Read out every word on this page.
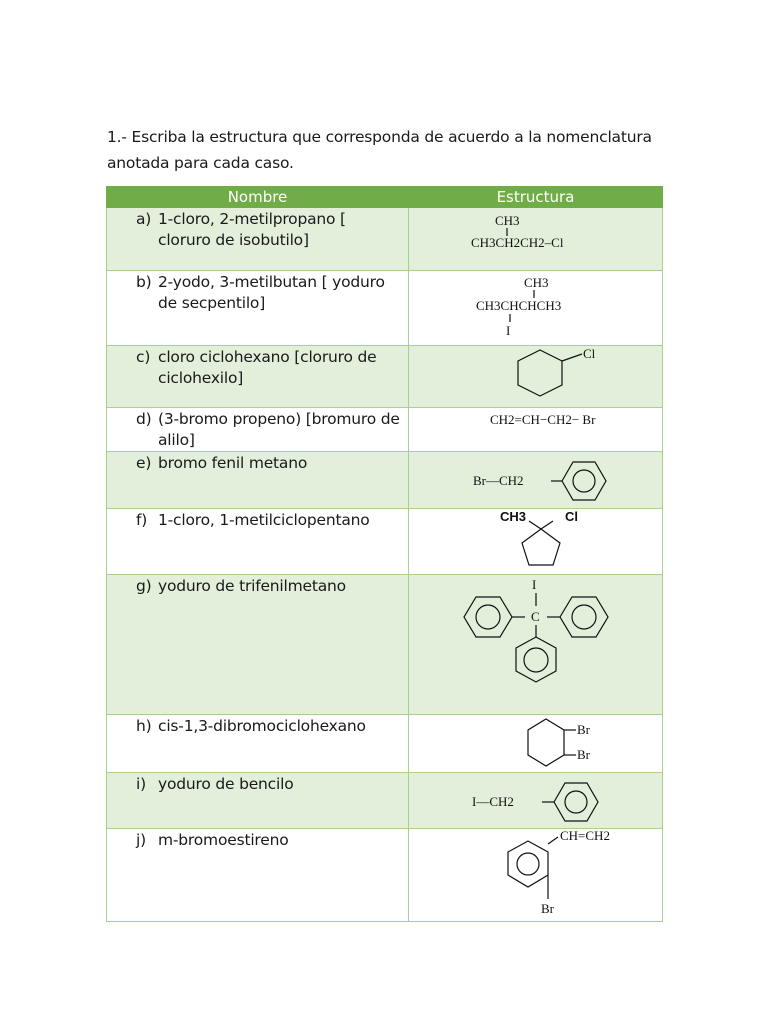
1.- Escriba la estructura que corresponda de acuerdo a la nomenclatura anotada para cada caso.
Nombre	Estructura

a) 1-cloro, 2-metilpropano [ cloruro de isobutilo]	CH3
CH3CH2CH2–Cl

b) 2-yodo, 3-metilbutan [ yoduro de secpentilo]	CH3
CH3CHCHCH3
I

c) cloro ciclohexano [cloruro de ciclohexilo]	Cl

d) (3-bromo propeno) [bromuro de alilo]	CH2=CH−CH2− Br

e) bromo fenil metano	Br—CH2

f) 1-cloro, 1-metilciclopentano	CH3 Cl

g) yoduro de trifenilmetano	I
C

h) cis-1,3-dibromociclohexano	Br
Br

i) yoduro de bencilo	I—CH2

j) m-bromoestireno	CH=CH2
Br
